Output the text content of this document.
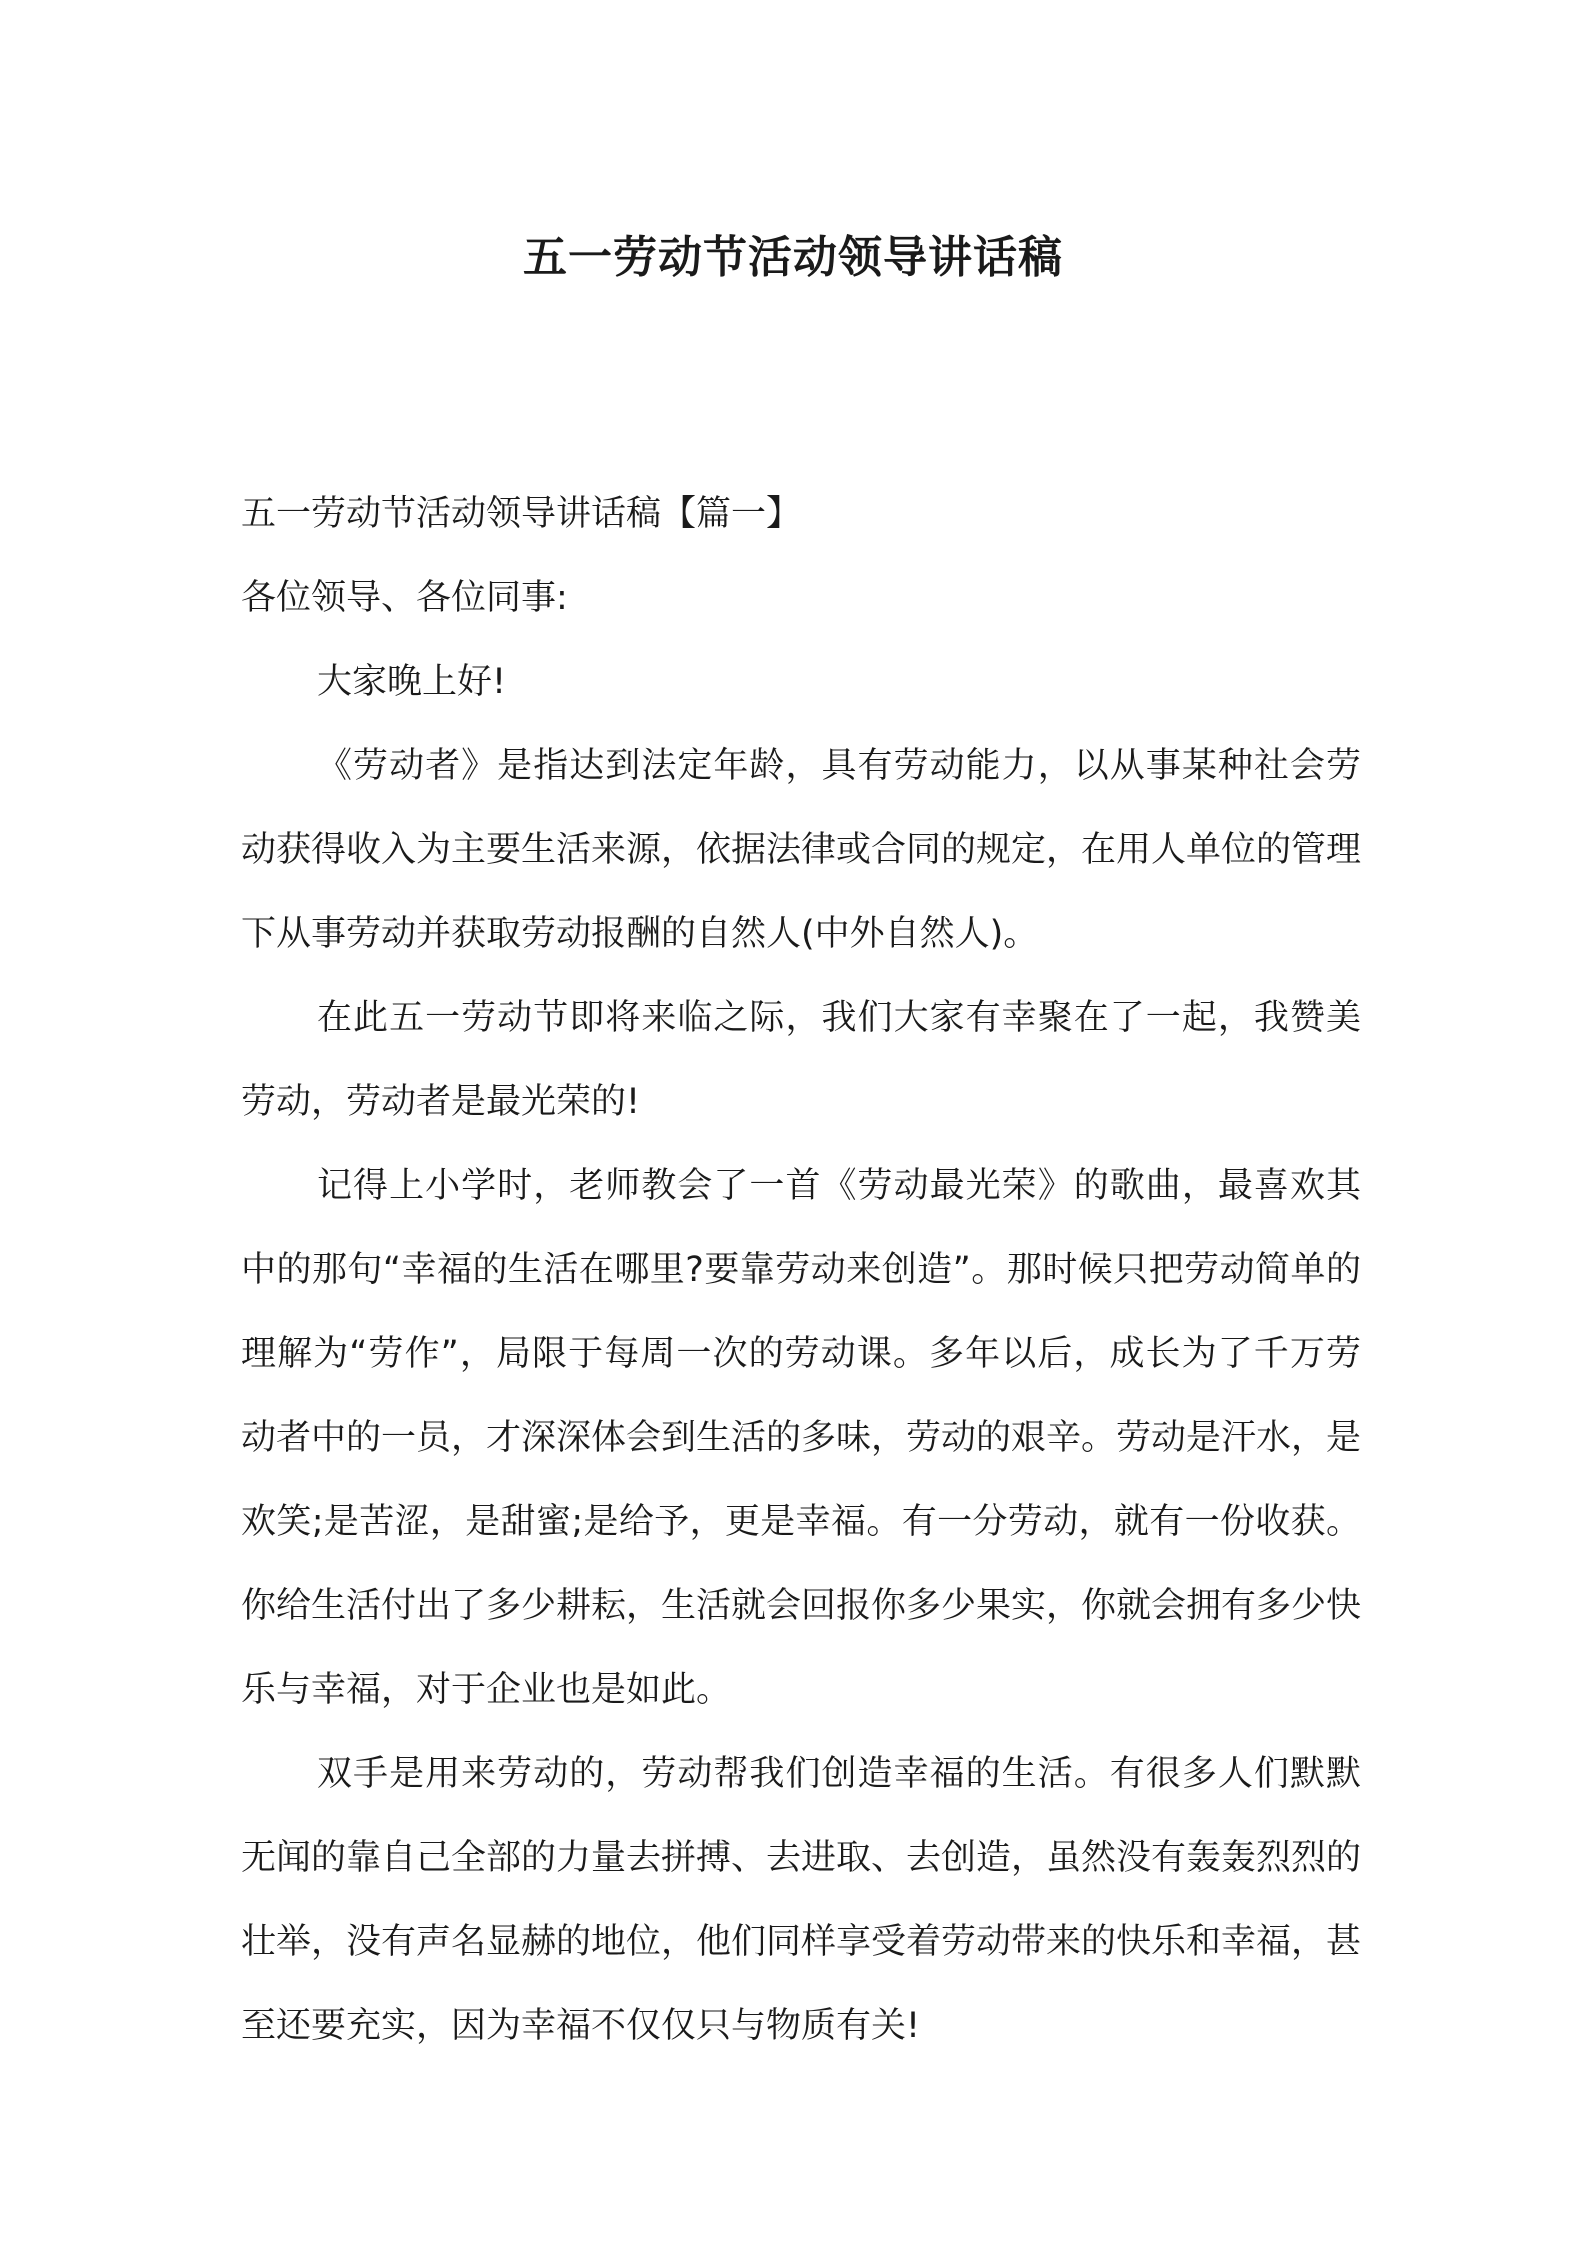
五一劳动节活动领导讲话稿

五一劳动节活动领导讲话稿【篇一】

各位领导、各位同事:

大家晚上好!

《劳动者》是指达到法定年龄，具有劳动能力，以从事某种社会劳动获得收入为主要生活来源，依据法律或合同的规定，在用人单位的管理下从事劳动并获取劳动报酬的自然人(中外自然人)。

在此五一劳动节即将来临之际，我们大家有幸聚在了一起，我赞美劳动，劳动者是最光荣的!

记得上小学时，老师教会了一首《劳动最光荣》的歌曲，最喜欢其中的那句“幸福的生活在哪里?要靠劳动来创造”。那时候只把劳动简单的理解为“劳作”，局限于每周一次的劳动课。多年以后，成长为了千万劳动者中的一员，才深深体会到生活的多味，劳动的艰辛。劳动是汗水，是欢笑;是苦涩，是甜蜜;是给予，更是幸福。有一分劳动，就有一份收获。你给生活付出了多少耕耘，生活就会回报你多少果实，你就会拥有多少快乐与幸福，对于企业也是如此。

双手是用来劳动的，劳动帮我们创造幸福的生活。有很多人们默默无闻的靠自己全部的力量去拼搏、去进取、去创造，虽然没有轰轰烈烈的壮举，没有声名显赫的地位，他们同样享受着劳动带来的快乐和幸福，甚至还要充实，因为幸福不仅仅只与物质有关!
